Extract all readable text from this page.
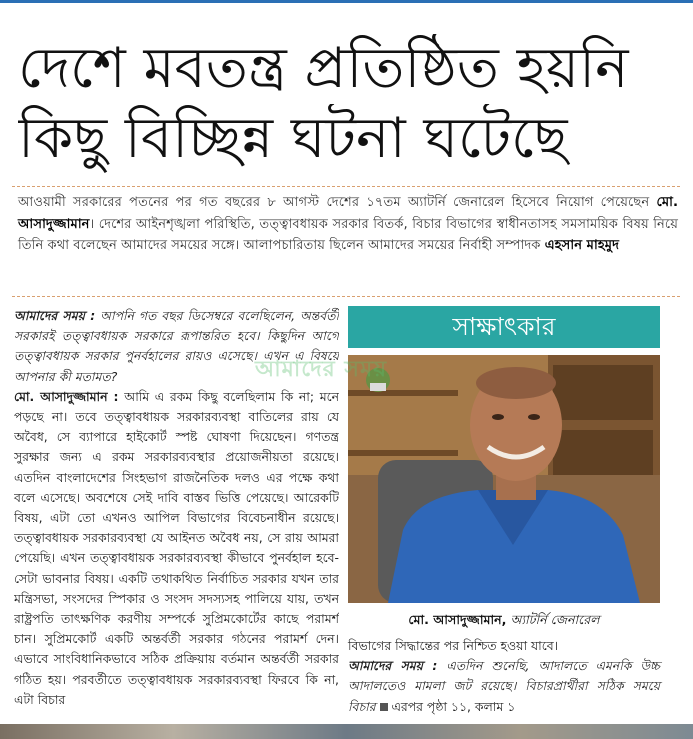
দেশে মবতন্ত্র প্রতিষ্ঠিত হয়নি
কিছু বিচ্ছিন্ন ঘটনা ঘটেছে
আওয়ামী সরকারের পতনের পর গত বছরের ৮ আগস্ট দেশের ১৭তম অ্যাটর্নি জেনারেল হিসেবে নিয়োগ পেয়েছেন মো. আসাদুজ্জামান। দেশের আইনশৃঙ্খলা পরিস্থিতি, তত্ত্বাবধায়ক সরকার বিতর্ক, বিচার বিভাগের স্বাধীনতাসহ সমসাময়িক বিষয় নিয়ে তিনি কথা বলেছেন আমাদের সময়ের সঙ্গে। আলাপচারিতায় ছিলেন আমাদের সময়ের নির্বাহী সম্পাদক এহসান মাহমুদ
আমাদের সময় : আপনি গত বছর ডিসেম্বরে বলেছিলেন, অন্তর্বর্তী সরকারই তত্ত্বাবধায়ক সরকারে রূপান্তরিত হবে। কিছুদিন আগে তত্ত্বাবধায়ক সরকার পুনর্বহালের রায়ও এসেছে। এখন এ বিষয়ে আপনার কী মতামত?
মো. আসাদুজ্জামান : আমি এ রকম কিছু বলেছিলাম কি না; মনে পড়ছে না। তবে তত্ত্বাবধায়ক সরকারব্যবস্থা বাতিলের রায় যে অবৈধ, সে ব্যাপারে হাইকোর্ট স্পষ্ট ঘোষণা দিয়েছেন। গণতন্ত্র সুরক্ষার জন্য এ রকম সরকারব্যবস্থার প্রয়োজনীয়তা রয়েছে। এতদিন বাংলাদেশের সিংহভাগ রাজনৈতিক দলও এর পক্ষে কথা বলে এসেছে। অবশেষে সেই দাবি বাস্তব ভিত্তি পেয়েছে। আরেকটি বিষয়, এটা তো এখনও আপিল বিভাগের বিবেচনাধীন রয়েছে। তত্ত্বাবধায়ক সরকারব্যবস্থা যে আইনত অবৈধ নয়, সে রায় আমরা পেয়েছি। এখন তত্ত্বাবধায়ক সরকারব্যবস্থা কীভাবে পুনর্বহাল হবে- সেটা ভাবনার বিষয়। একটি তথাকথিত নির্বাচিত সরকার যখন তার মন্ত্রিসভা, সংসদের স্পিকার ও সংসদ সদস্যসহ পালিয়ে যায়, তখন রাষ্ট্রপতি তাৎক্ষণিক করণীয় সম্পর্কে সুপ্রিমকোর্টের কাছে পরামর্শ চান। সুপ্রিমকোর্ট একটি অন্তর্বর্তী সরকার গঠনের পরামর্শ দেন। এভাবে সাংবিধানিকভাবে সঠিক প্রক্রিয়ায় বর্তমান অন্তর্বর্তী সরকার গঠিত হয়। পরবর্তীতে তত্ত্বাবধায়ক সরকারব্যবস্থা ফিরবে কি না, এটা বিচার
সাক্ষাৎকার
আমাদের সময়
মো. আসাদুজ্জামান, অ্যাটর্নি জেনারেল
বিভাগের সিদ্ধান্তের পর নিশ্চিত হওয়া যাবে।
আমাদের সময় : এতদিন শুনেছি, আদালতে এমনকি উচ্চ আদালতেও মামলা জট রয়েছে। বিচারপ্রার্থীরা সঠিক সময়ে বিচার এরপর পৃষ্ঠা ১১, কলাম ১
